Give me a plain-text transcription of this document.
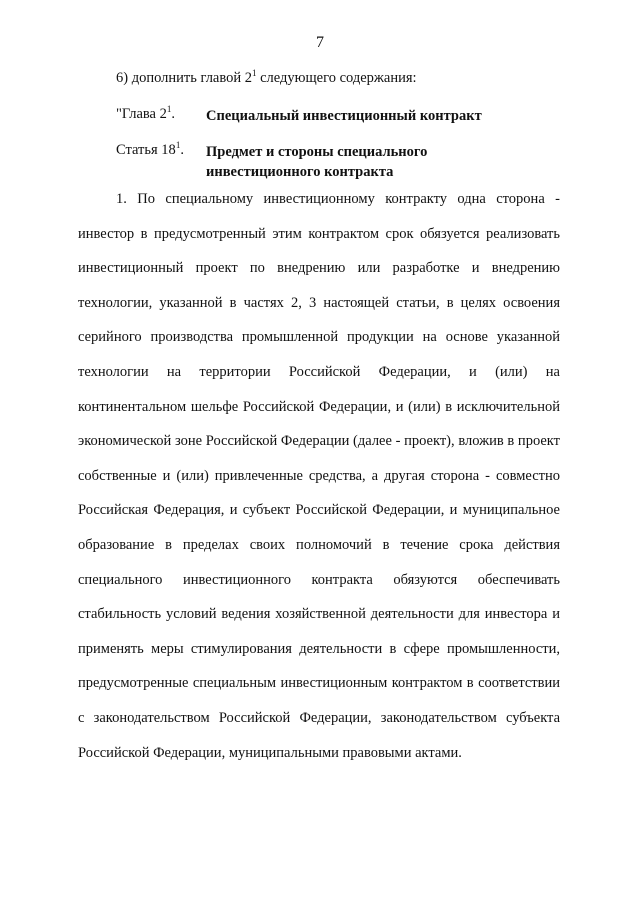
7
6) дополнить главой $2^1$ следующего содержания:
"Глава $2^1$. Специальный инвестиционный контракт
Статья $18^1$. Предмет и стороны специального инвестиционного контракта

1. По специальному инвестиционному контракту одна сторона - инвестор в предусмотренный этим контрактом срок обязуется реализовать инвестиционный проект по внедрению или разработке и внедрению технологии, указанной в частях 2, 3 настоящей статьи, в целях освоения серийного производства промышленной продукции на основе указанной технологии на территории Российской Федерации, и (или) на континентальном шельфе Российской Федерации, и (или) в исключительной экономической зоне Российской Федерации (далее - проект), вложив в проект собственные и (или) привлеченные средства, а другая сторона - совместно Российская Федерация, и субъект Российской Федерации, и муниципальное образование в пределах своих полномочий в течение срока действия специального инвестиционного контракта обязуются обеспечивать стабильность условий ведения хозяйственной деятельности для инвестора и применять меры стимулирования деятельности в сфере промышленности, предусмотренные специальным инвестиционным контрактом в соответствии с законодательством Российской Федерации, законодательством субъекта Российской Федерации, муниципальными правовыми актами.
